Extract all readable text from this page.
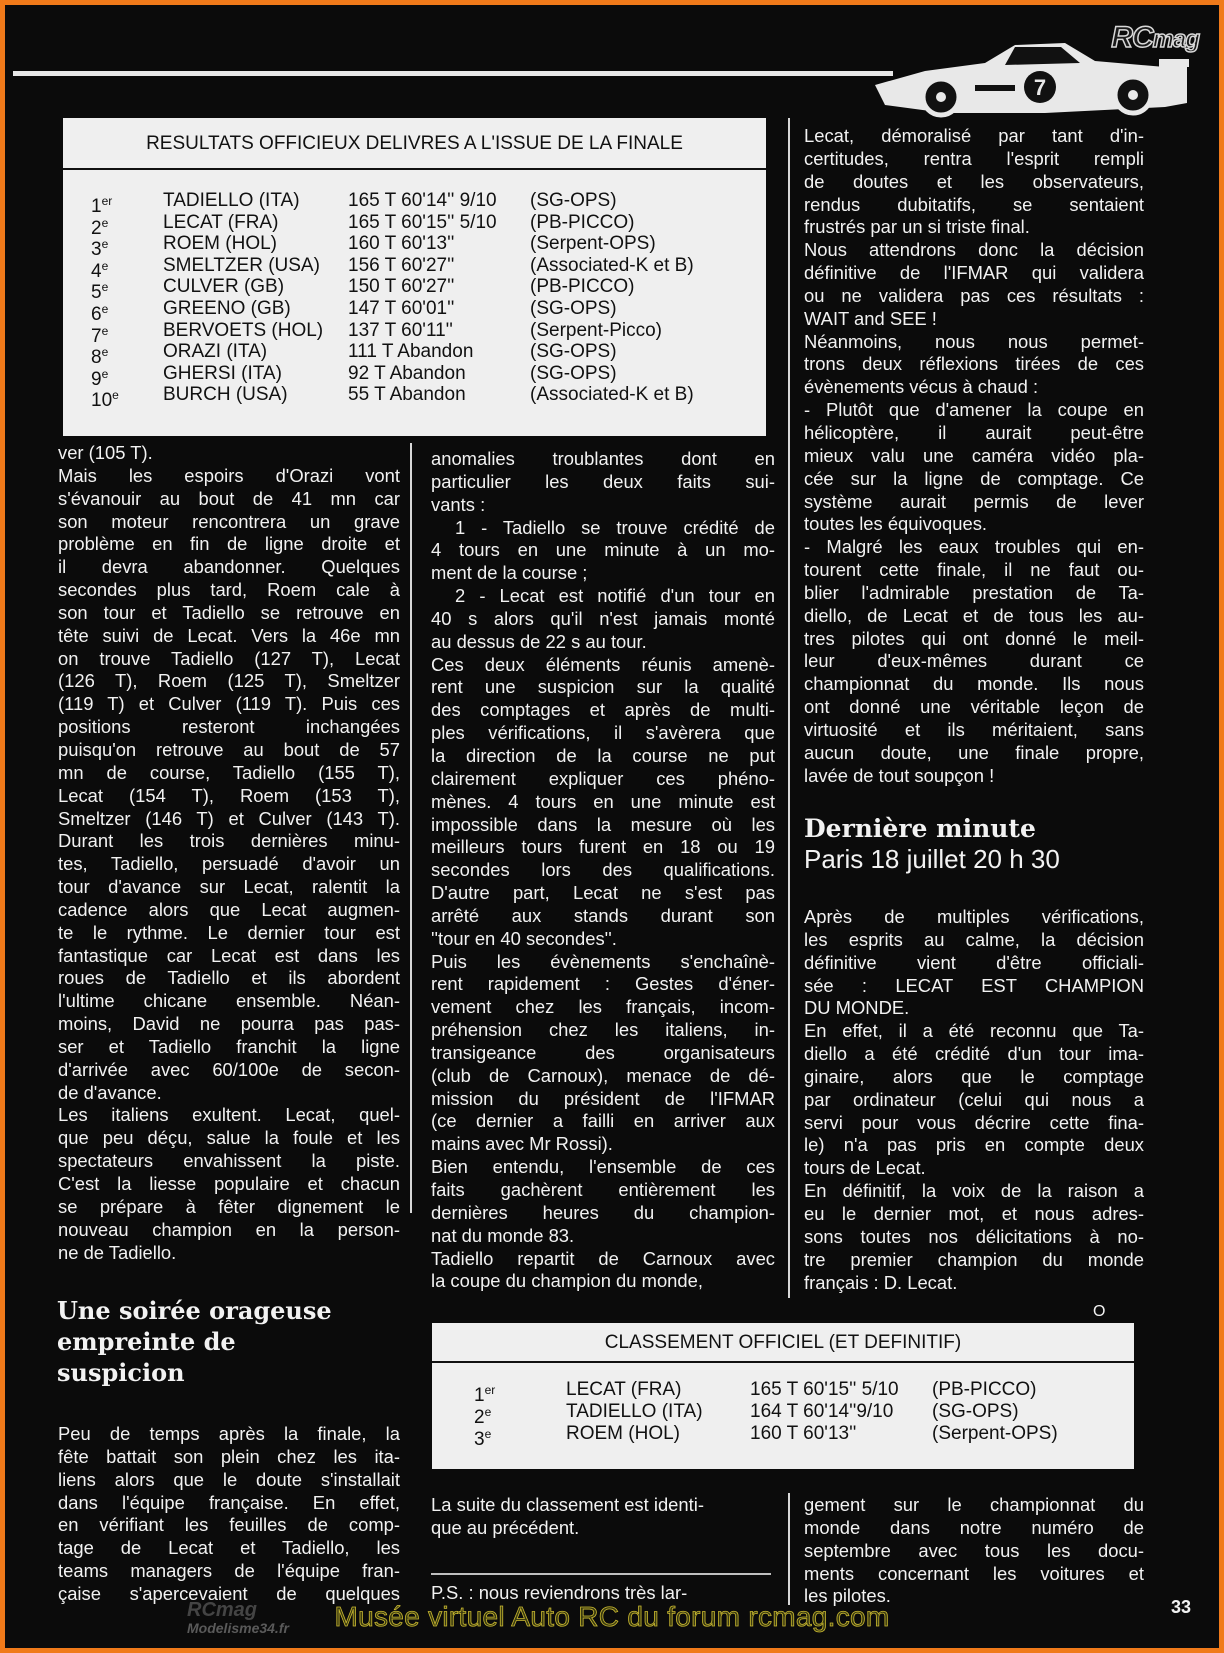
RCmag
7
RESULTATS OFFICIEUX DELIVRES A L'ISSUE DE LA FINALE
1er	TADIELLO (ITA)	165 T 60'14'' 9/10 (SG-OPS)
2e	LECAT (FRA)	165 T 60'15'' 5/10 (PB-PICCO)
3e	ROEM (HOL)	160 T 60'13''	(Serpent-OPS)
4e	SMELTZER (USA) 156 T 60'27''	(Associated-K et B)
5e	CULVER (GB)	150 T 60'27''	(PB-PICCO)
6e	GREENO (GB)	147 T 60'01''	(SG-OPS)
7e	BERVOETS (HOL) 137 T 60'11''	(Serpent-Picco)
8e	ORAZI (ITA)	111 T Abandon	(SG-OPS)
9e	GHERSI (ITA)	92 T Abandon	(SG-OPS)
10e BURCH (USA)	55 T Abandon	(Associated-K et B)
ver (105 T).
Mais les espoirs d'Orazi vont
s'évanouir au bout de 41 mn car
son moteur rencontrera un grave
problème en fin de ligne droite et
il devra abandonner. Quelques
secondes plus tard, Roem cale à
son tour et Tadiello se retrouve en
tête suivi de Lecat. Vers la 46e mn
on trouve Tadiello (127 T), Lecat
(126 T), Roem (125 T), Smeltzer
(119 T) et Culver (119 T). Puis ces
positions resteront inchangées
puisqu'on retrouve au bout de 57
mn de course, Tadiello (155 T),
Lecat (154 T), Roem (153 T),
Smeltzer (146 T) et Culver (143 T).
Durant les trois dernières minu-
tes, Tadiello, persuadé d'avoir un
tour d'avance sur Lecat, ralentit la
cadence alors que Lecat augmen-
te le rythme. Le dernier tour est
fantastique car Lecat est dans les
roues de Tadiello et ils abordent
l'ultime chicane ensemble. Néan-
moins, David ne pourra pas pas-
ser et Tadiello franchit la ligne
d'arrivée avec 60/100e de secon-
de d'avance.
Les italiens exultent. Lecat, quel-
que peu déçu, salue la foule et les
spectateurs envahissent la piste.
C'est la liesse populaire et chacun
se prépare à fêter dignement le
nouveau champion en la person-
ne de Tadiello.
Une soirée orageuse
empreinte de
suspicion
Peu de temps après la finale, la
fête battait son plein chez les ita-
liens alors que le doute s'installait
dans l'équipe française. En effet,
en vérifiant les feuilles de comp-
tage de Lecat et Tadiello, les
teams managers de l'équipe fran-
çaise s'apercevaient de quelques
anomalies troublantes dont en
particulier les deux faits sui-
vants :
1 - Tadiello se trouve crédité de
4 tours en une minute à un mo-
ment de la course ;
2 - Lecat est notifié d'un tour en
40 s alors qu'il n'est jamais monté
au dessus de 22 s au tour.
Ces deux éléments réunis amenè-
rent une suspicion sur la qualité
des comptages et après de multi-
ples vérifications, il s'avèrera que
la direction de la course ne put
clairement expliquer ces phéno-
mènes. 4 tours en une minute est
impossible dans la mesure où les
meilleurs tours furent en 18 ou 19
secondes lors des qualifications.
D'autre part, Lecat ne s'est pas
arrêté aux stands durant son
''tour en 40 secondes''.
Puis les évènements s'enchaînè-
rent rapidement : Gestes d'éner-
vement chez les français, incom-
préhension chez les italiens, in-
transigeance des organisateurs
(club de Carnoux), menace de dé-
mission du président de l'IFMAR
(ce dernier a failli en arriver aux
mains avec Mr Rossi).
Bien entendu, l'ensemble de ces
faits gachèrent entièrement les
dernières heures du champion-
nat du monde 83.
Tadiello repartit de Carnoux avec
la coupe du champion du monde,
Lecat, démoralisé par tant d'in-
certitudes, rentra l'esprit rempli
de doutes et les observateurs,
rendus dubitatifs, se sentaient
frustrés par un si triste final.
Nous attendrons donc la décision
définitive de l'IFMAR qui validera
ou ne validera pas ces résultats :
WAIT and SEE !
Néanmoins, nous nous permet-
trons deux réflexions tirées de ces
évènements vécus à chaud :
- Plutôt que d'amener la coupe en
hélicoptère, il aurait peut-être
mieux valu une caméra vidéo pla-
cée sur la ligne de comptage. Ce
système aurait permis de lever
toutes les équivoques.
- Malgré les eaux troubles qui en-
tourent cette finale, il ne faut ou-
blier l'admirable prestation de Ta-
diello, de Lecat et de tous les au-
tres pilotes qui ont donné le meil-
leur d'eux-mêmes durant ce
championnat du monde. Ils nous
ont donné une véritable leçon de
virtuosité et ils méritaient, sans
aucun doute, une finale propre,
lavée de tout soupçon !
Dernière minute
Paris 18 juillet 20 h 30
Après de multiples vérifications,
les esprits au calme, la décision
définitive vient d'être officiali-
sée : LECAT EST CHAMPION
DU MONDE.
En effet, il a été reconnu que Ta-
diello a été crédité d'un tour ima-
ginaire, alors que le comptage
par ordinateur (celui qui nous a
servi pour vous décrire cette fina-
le) n'a pas pris en compte deux
tours de Lecat.
En définitif, la voix de la raison a
eu le dernier mot, et nous adres-
sons toutes nos délicitations à no-
tre premier champion du monde
français : D. Lecat.
O
CLASSEMENT OFFICIEL (ET DEFINITIF)
1er	LECAT (FRA)	165 T 60'15'' 5/10 (PB-PICCO)
2e	TADIELLO (ITA) 164 T 60'14''9/10 (SG-OPS)
3e	ROEM (HOL)	160 T 60'13''	(Serpent-OPS)
La suite du classement est identi-
que au précédent.
P.S. : nous reviendrons très lar-
gement sur le championnat du
monde dans notre numéro de
septembre avec tous les docu-
ments concernant les voitures et
les pilotes.
33
RCmag
Modelisme34.fr	Musée virtuel Auto RC du forum rcmag.com
